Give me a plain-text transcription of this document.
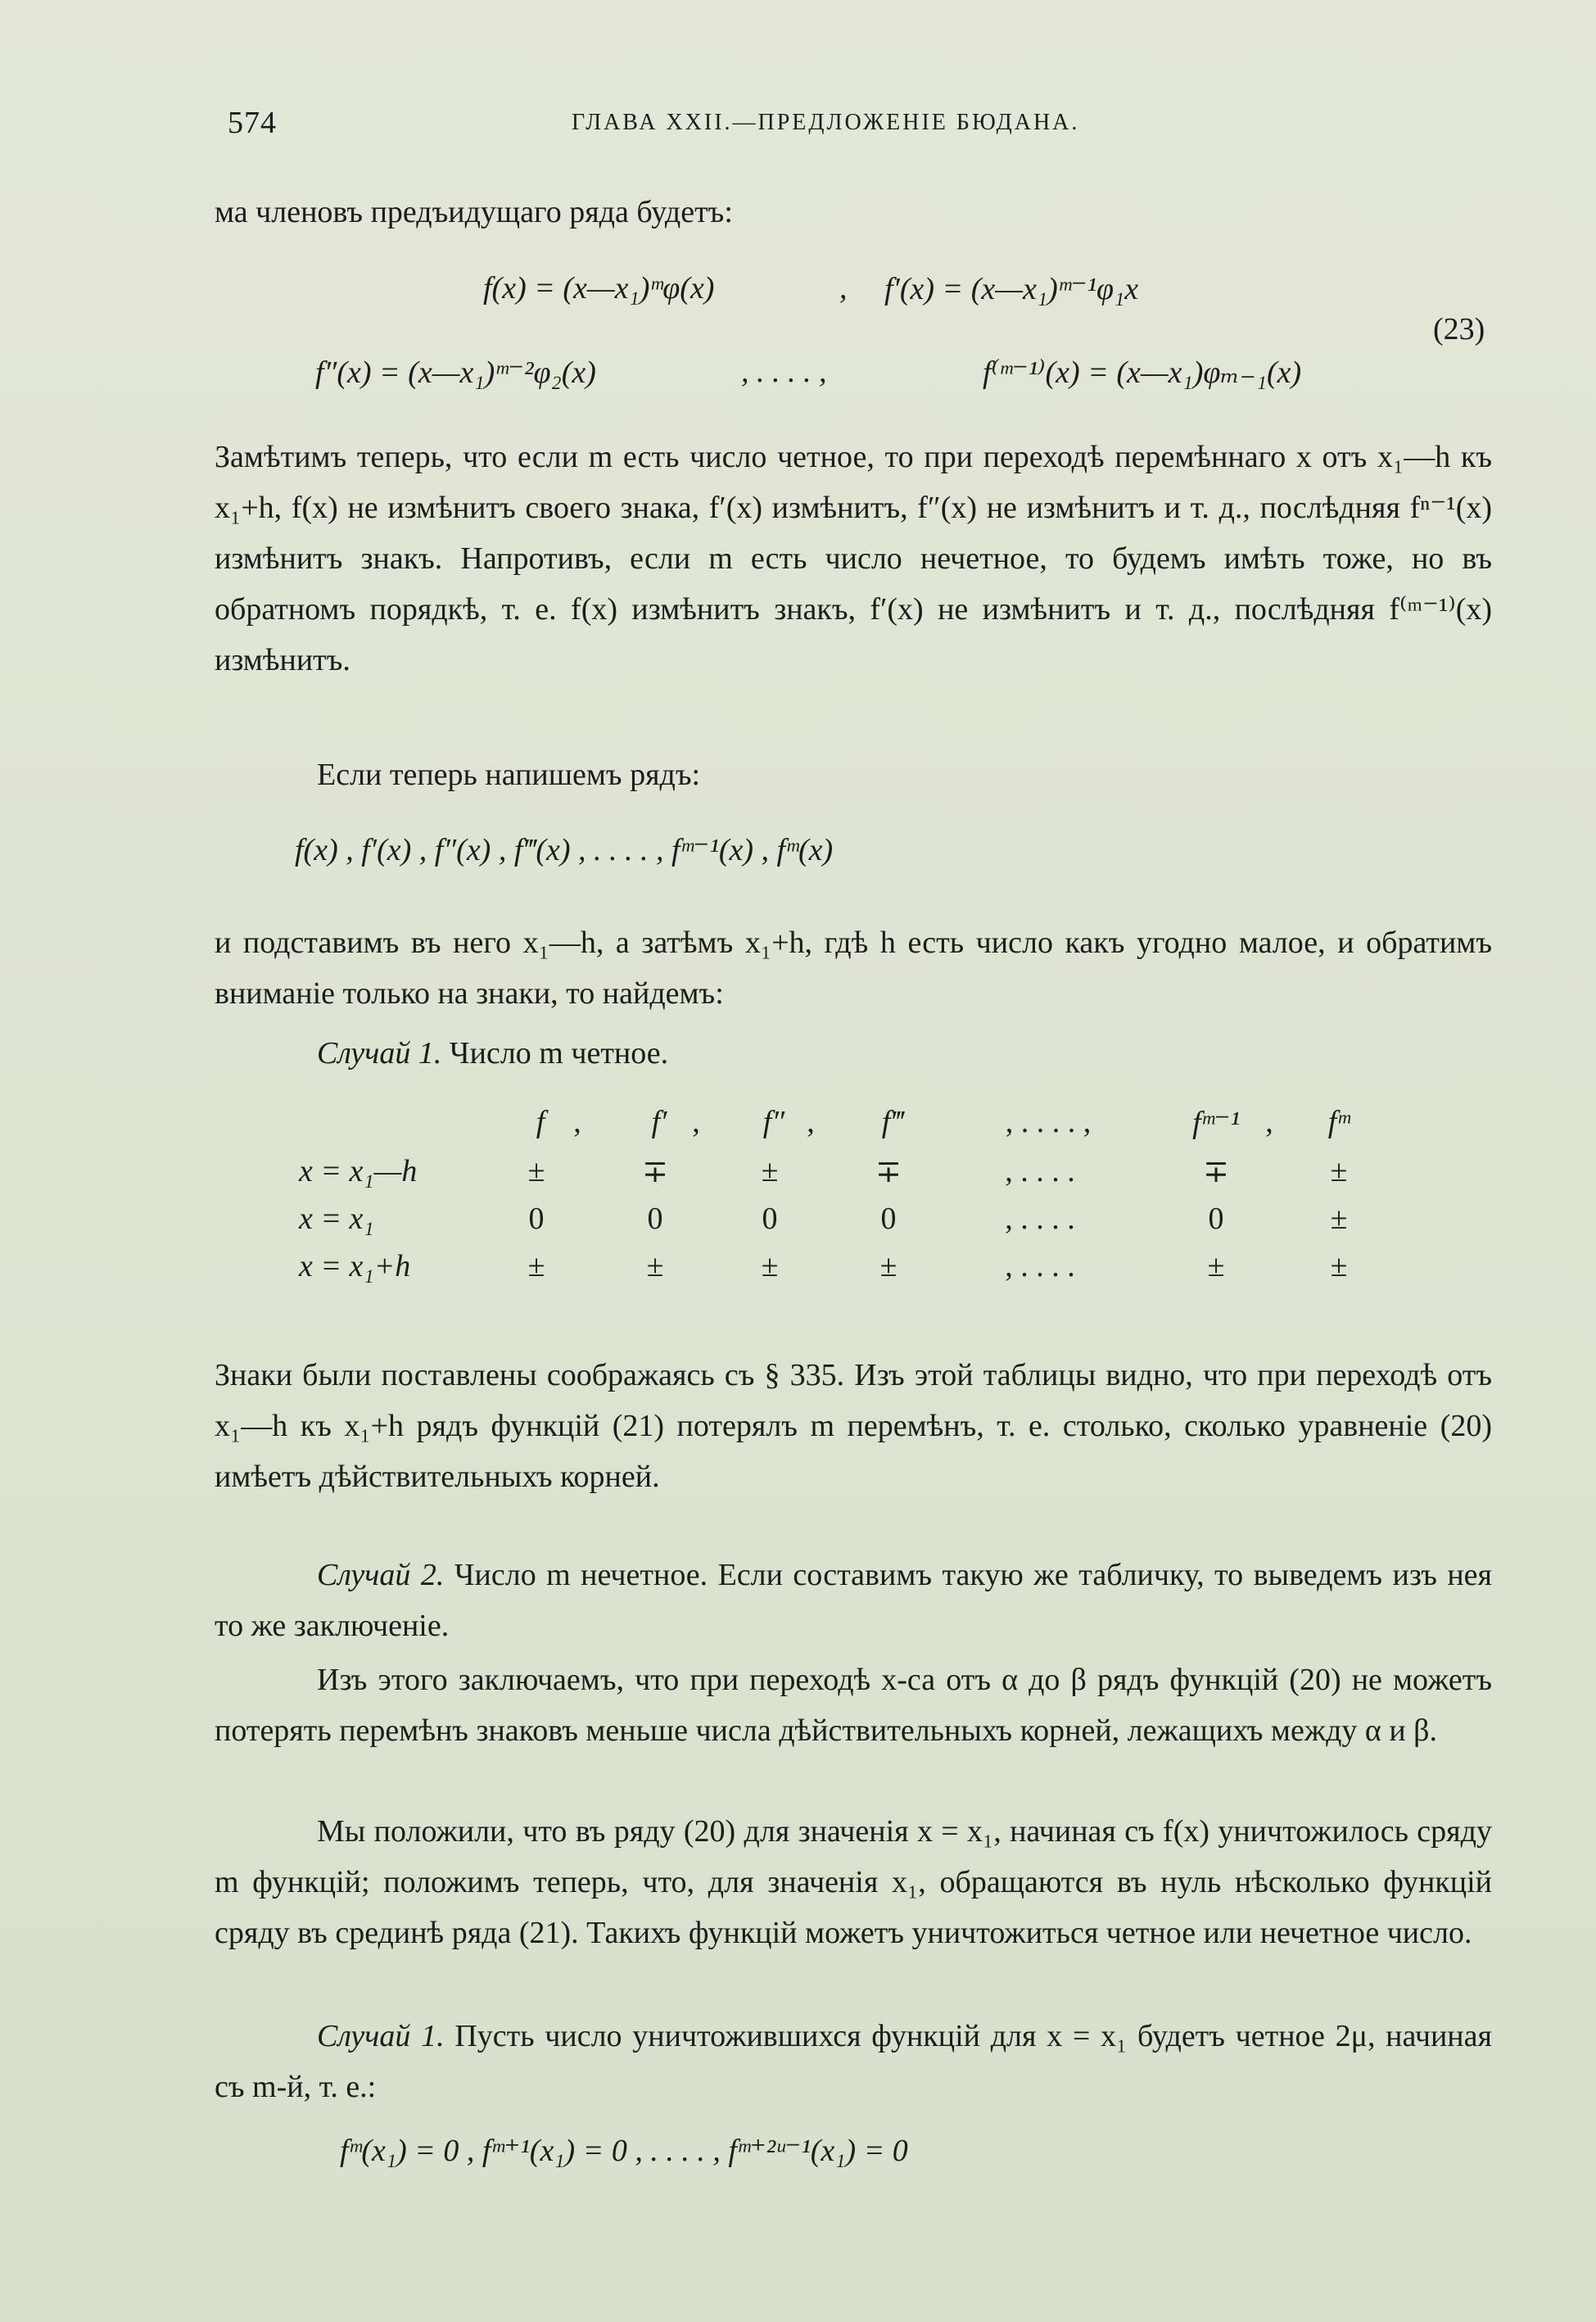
574	ГЛАВА XXII.—ПРЕДЛОЖЕНІЕ БЮДАНА.

ма членовъ предъидущаго ряда будетъ:

f(x) = (x—x₁)ᵐφ(x)	, f′(x) = (x—x₁)ᵐ⁻¹φ₁x
f″(x) = (x—x₁)ᵐ⁻²φ₂(x)	, . . . . ,	f⁽ᵐ⁻¹⁾(x) = (x—x₁)φₘ₋₁(x)
(23)

Замѣтимъ теперь, что если m есть число четное, то при переходѣ перемѣннаго x отъ x₁—h къ x₁+h, f(x) не измѣнитъ своего знака, f′(x) измѣнитъ, f″(x) не измѣнитъ и т. д., послѣдняя fⁿ⁻¹(x) измѣнитъ знакъ. Напротивъ, если m есть число нечетное, то будемъ имѣть тоже, но въ обратномъ порядкѣ, т. е. f(x) измѣнитъ знакъ, f′(x) не измѣнитъ и т. д., послѣдняя f⁽ᵐ⁻¹⁾(x) измѣнитъ.

Если теперь напишемъ рядъ:

f(x) , f′(x) , f″(x) , f‴(x) , . . . . , fᵐ⁻¹(x) , fᵐ(x)

и подставимъ въ него x₁—h, а затѣмъ x₁+h, гдѣ h есть число какъ угодно малое, и обратимъ вниманіе только на знаки, то найдемъ:

Случай 1. Число m четное.

f ,	f′ ,	f″ ,	f‴	, . . . . ,	fᵐ⁻¹ ,	fᵐ
x = x₁—h	±	∓	±	∓	, . . . .	∓	±
x = x₁	0	0	0	0	, . . . .	0	±
x = x₁+h	±	±	±	±	, . . . .	±	±

Знаки были поставлены соображаясь съ § 335. Изъ этой таблицы видно, что при переходѣ отъ x₁—h къ x₁+h рядъ функцій (21) потерялъ m перемѣнъ, т. е. столько, сколько уравненіе (20) имѣетъ дѣйствительныхъ корней.

Случай 2. Число m нечетное. Если составимъ такую же табличку, то выведемъ изъ нея то же заключеніе.

Изъ этого заключаемъ, что при переходѣ x-са отъ α до β рядъ функцій (20) не можетъ потерять перемѣнъ знаковъ меньше числа дѣйствительныхъ корней, лежащихъ между α и β.

Мы положили, что въ ряду (20) для значенія x = x₁, начиная съ f(x) уничтожилось сряду m функцій; положимъ теперь, что, для значенія x₁, обращаются въ нуль нѣсколько функцій сряду въ срединѣ ряда (21). Такихъ функцій можетъ уничтожиться четное или нечетное число.

Случай 1. Пусть число уничтожившихся функцій для x = x₁ будетъ четное 2μ, начиная съ m-й, т. е.:

fᵐ(x₁) = 0 , fᵐ⁺¹(x₁) = 0 , . . . . , fᵐ⁺²ᵘ⁻¹(x₁) = 0
